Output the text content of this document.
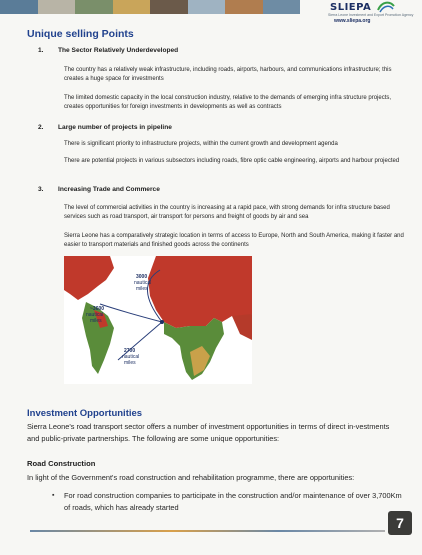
SLIEPA
Sierra Leone Investment and Export Promotion Agency
www.sliepa.org
Unique selling Points
1. The Sector Relatively Underdeveloped
The country has a relatively weak infrastructure, including roads, airports, harbours, and communications infrastructure; this creates a huge space for investments
The limited domestic capacity in the local construction industry, relative to the demands of emerging infra structure projects, creates opportunities for foreign investments in developments as well as contracts
2. Large number of projects in pipeline
There is significant priority to infrastructure projects, within the current growth and development agenda
There are potential projects in various subsectors including roads, fibre optic cable engineering, airports and harbour projected
3. Increasing Trade and Commerce
The level of commercial activities in the country is increasing at a rapid pace, with strong demands for infra structure based services such as road transport, air transport for persons and freight of goods by air and sea
Sierra Leone has a comparatively strategic location in terms of access to Europe, North and South America, making it faster and easier to transport materials and finished goods across the continents
3000
nautical
miles
~3600
nautical
miles
2700
nautical
miles
Investment Opportunities
Sierra Leone's road transport sector offers a number of investment opportunities in terms of direct in-vestments and public-private partnerships. The following are some unique opportunities:
Road Construction
In light of the Government's road construction and rehabilitation programme, there are opportunities:
▪ For road construction companies to participate in the construction and/or maintenance of over 3,700Km of roads, which has already started
7
